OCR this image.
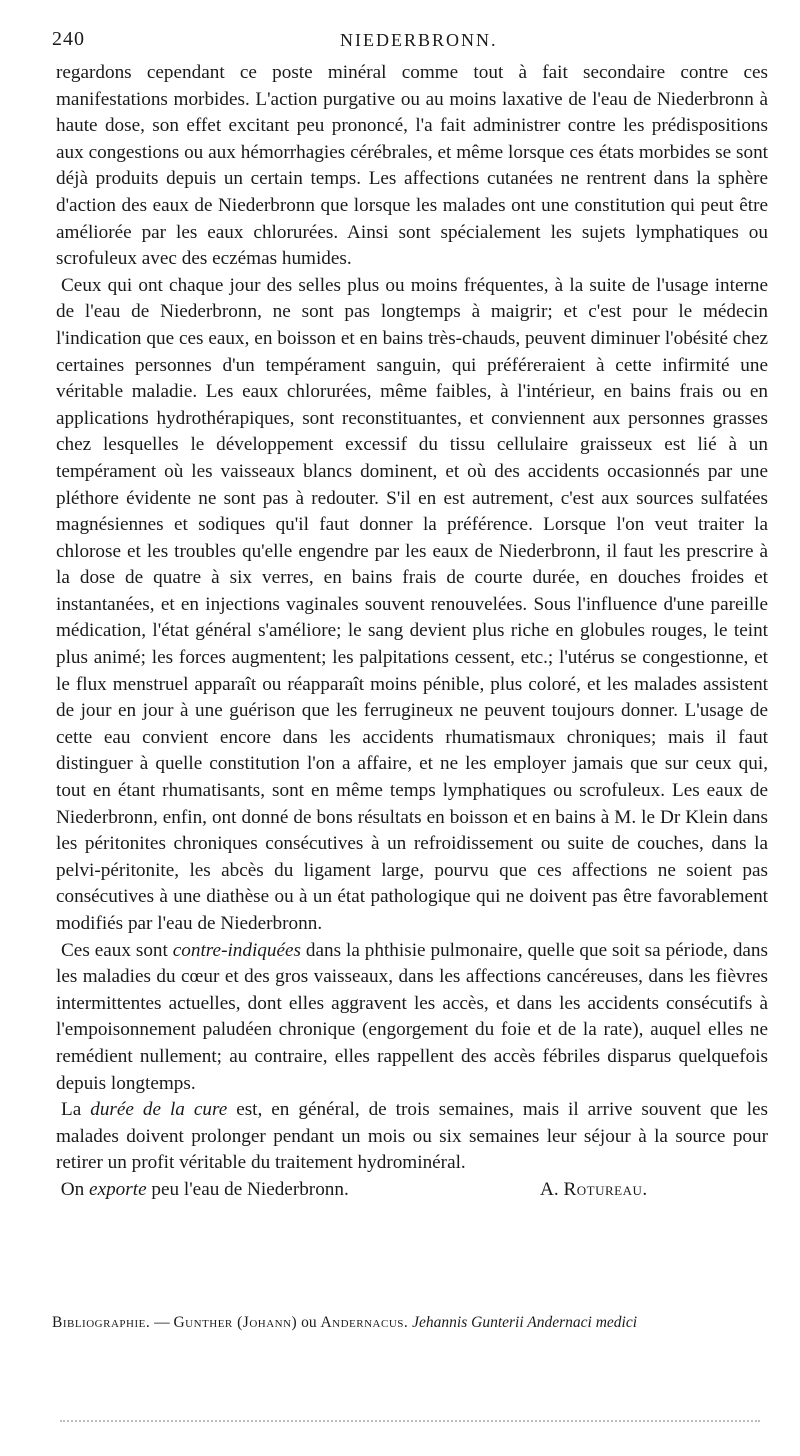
240	NIEDERBRONN.

regardons cependant ce poste minéral comme tout à fait secondaire contre ces manifestations morbides. L'action purgative ou au moins laxative de l'eau de Niederbronn à haute dose, son effet excitant peu prononcé, l'a fait administrer contre les prédispositions aux congestions ou aux hémorrhagies cérébrales, et même lorsque ces états morbides se sont déjà produits depuis un certain temps. Les affections cutanées ne rentrent dans la sphère d'action des eaux de Niederbronn que lorsque les malades ont une constitution qui peut être améliorée par les eaux chlorurées. Ainsi sont spécialement les sujets lymphatiques ou scrofuleux avec des eczémas humides.

Ceux qui ont chaque jour des selles plus ou moins fréquentes, à la suite de l'usage interne de l'eau de Niederbronn, ne sont pas longtemps à maigrir; et c'est pour le médecin l'indication que ces eaux, en boisson et en bains très-chauds, peuvent diminuer l'obésité chez certaines personnes d'un tempérament sanguin, qui préféreraient à cette infirmité une véritable maladie. Les eaux chlorurées, même faibles, à l'intérieur, en bains frais ou en applications hydrothérapiques, sont reconstituantes, et conviennent aux personnes grasses chez lesquelles le développement excessif du tissu cellulaire graisseux est lié à un tempérament où les vaisseaux blancs dominent, et où des accidents occasionnés par une pléthore évidente ne sont pas à redouter. S'il en est autrement, c'est aux sources sulfatées magnésiennes et sodiques qu'il faut donner la préférence. Lorsque l'on veut traiter la chlorose et les troubles qu'elle engendre par les eaux de Niederbronn, il faut les prescrire à la dose de quatre à six verres, en bains frais de courte durée, en douches froides et instantanées, et en injections vaginales souvent renouvelées. Sous l'influence d'une pareille médication, l'état général s'améliore; le sang devient plus riche en globules rouges, le teint plus animé; les forces augmentent; les palpitations cessent, etc.; l'utérus se congestionne, et le flux menstruel apparaît ou réapparaît moins pénible, plus coloré, et les malades assistent de jour en jour à une guérison que les ferrugineux ne peuvent toujours donner. L'usage de cette eau convient encore dans les accidents rhumatismaux chroniques; mais il faut distinguer à quelle constitution l'on a affaire, et ne les employer jamais que sur ceux qui, tout en étant rhumatisants, sont en même temps lymphatiques ou scrofuleux. Les eaux de Niederbronn, enfin, ont donné de bons résultats en boisson et en bains à M. le Dr Klein dans les péritonites chroniques consécutives à un refroidissement ou suite de couches, dans la pelvi-péritonite, les abcès du ligament large, pourvu que ces affections ne soient pas consécutives à une diathèse ou à un état pathologique qui ne doivent pas être favorablement modifiés par l'eau de Niederbronn.

Ces eaux sont contre-indiquées dans la phthisie pulmonaire, quelle que soit sa période, dans les maladies du cœur et des gros vaisseaux, dans les affections cancéreuses, dans les fièvres intermittentes actuelles, dont elles aggravent les accès, et dans les accidents consécutifs à l'empoisonnement paludéen chronique (engorgement du foie et de la rate), auquel elles ne remédient nullement; au contraire, elles rappellent des accès fébriles disparus quelquefois depuis longtemps.

La durée de la cure est, en général, de trois semaines, mais il arrive souvent que les malades doivent prolonger pendant un mois ou six semaines leur séjour à la source pour retirer un profit véritable du traitement hydrominéral.

On exporte peu l'eau de Niederbronn.	A. Rotureau.
Bibliographie. — Gunther (Johann) ou Andernacus. Jehannis Gunterii Andernaci medici
